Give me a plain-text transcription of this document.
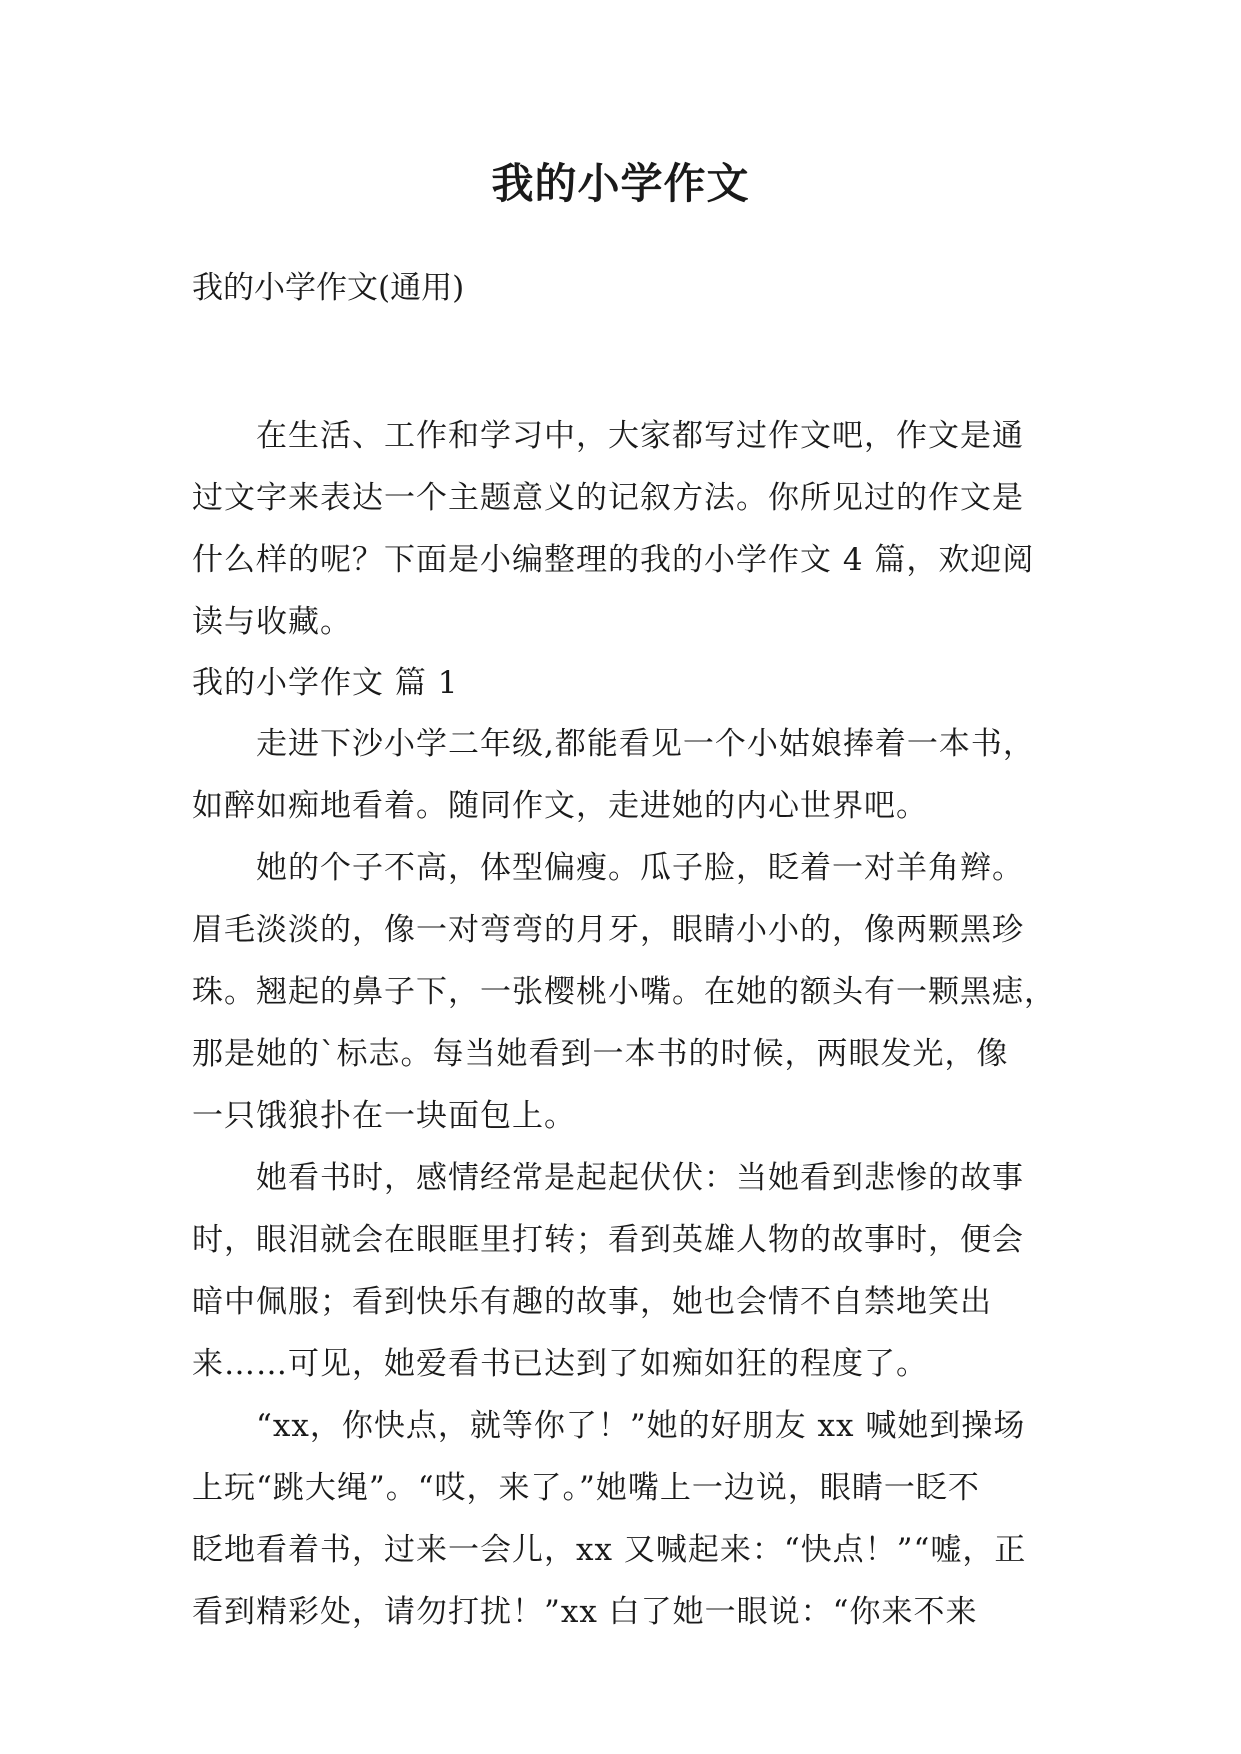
我的小学作文
我的小学作文(通用)
　　在生活、工作和学习中，大家都写过作文吧，作文是通
过文字来表达一个主题意义的记叙方法。你所见过的作文是
什么样的呢？下面是小编整理的我的小学作文 4 篇，欢迎阅
读与收藏。
我的小学作文 篇 1
　　走进下沙小学二年级,都能看见一个小姑娘捧着一本书，
如醉如痴地看着。随同作文，走进她的内心世界吧。
　　她的个子不高，体型偏瘦。瓜子脸，眨着一对羊角辫。
眉毛淡淡的，像一对弯弯的月牙，眼睛小小的，像两颗黑珍
珠。翘起的鼻子下，一张樱桃小嘴。在她的额头有一颗黑痣，
那是她的`标志。每当她看到一本书的时候，两眼发光，像
一只饿狼扑在一块面包上。
　　她看书时，感情经常是起起伏伏：当她看到悲惨的故事
时，眼泪就会在眼眶里打转；看到英雄人物的故事时，便会
暗中佩服；看到快乐有趣的故事，她也会情不自禁地笑出
来……可见，她爱看书已达到了如痴如狂的程度了。
　　“xx，你快点，就等你了！”她的好朋友 xx 喊她到操场
上玩“跳大绳”。“哎，来了。”她嘴上一边说，眼睛一眨不
眨地看着书，过来一会儿，xx 又喊起来：“快点！”“嘘，正
看到精彩处，请勿打扰！”xx 白了她一眼说：“你来不来
